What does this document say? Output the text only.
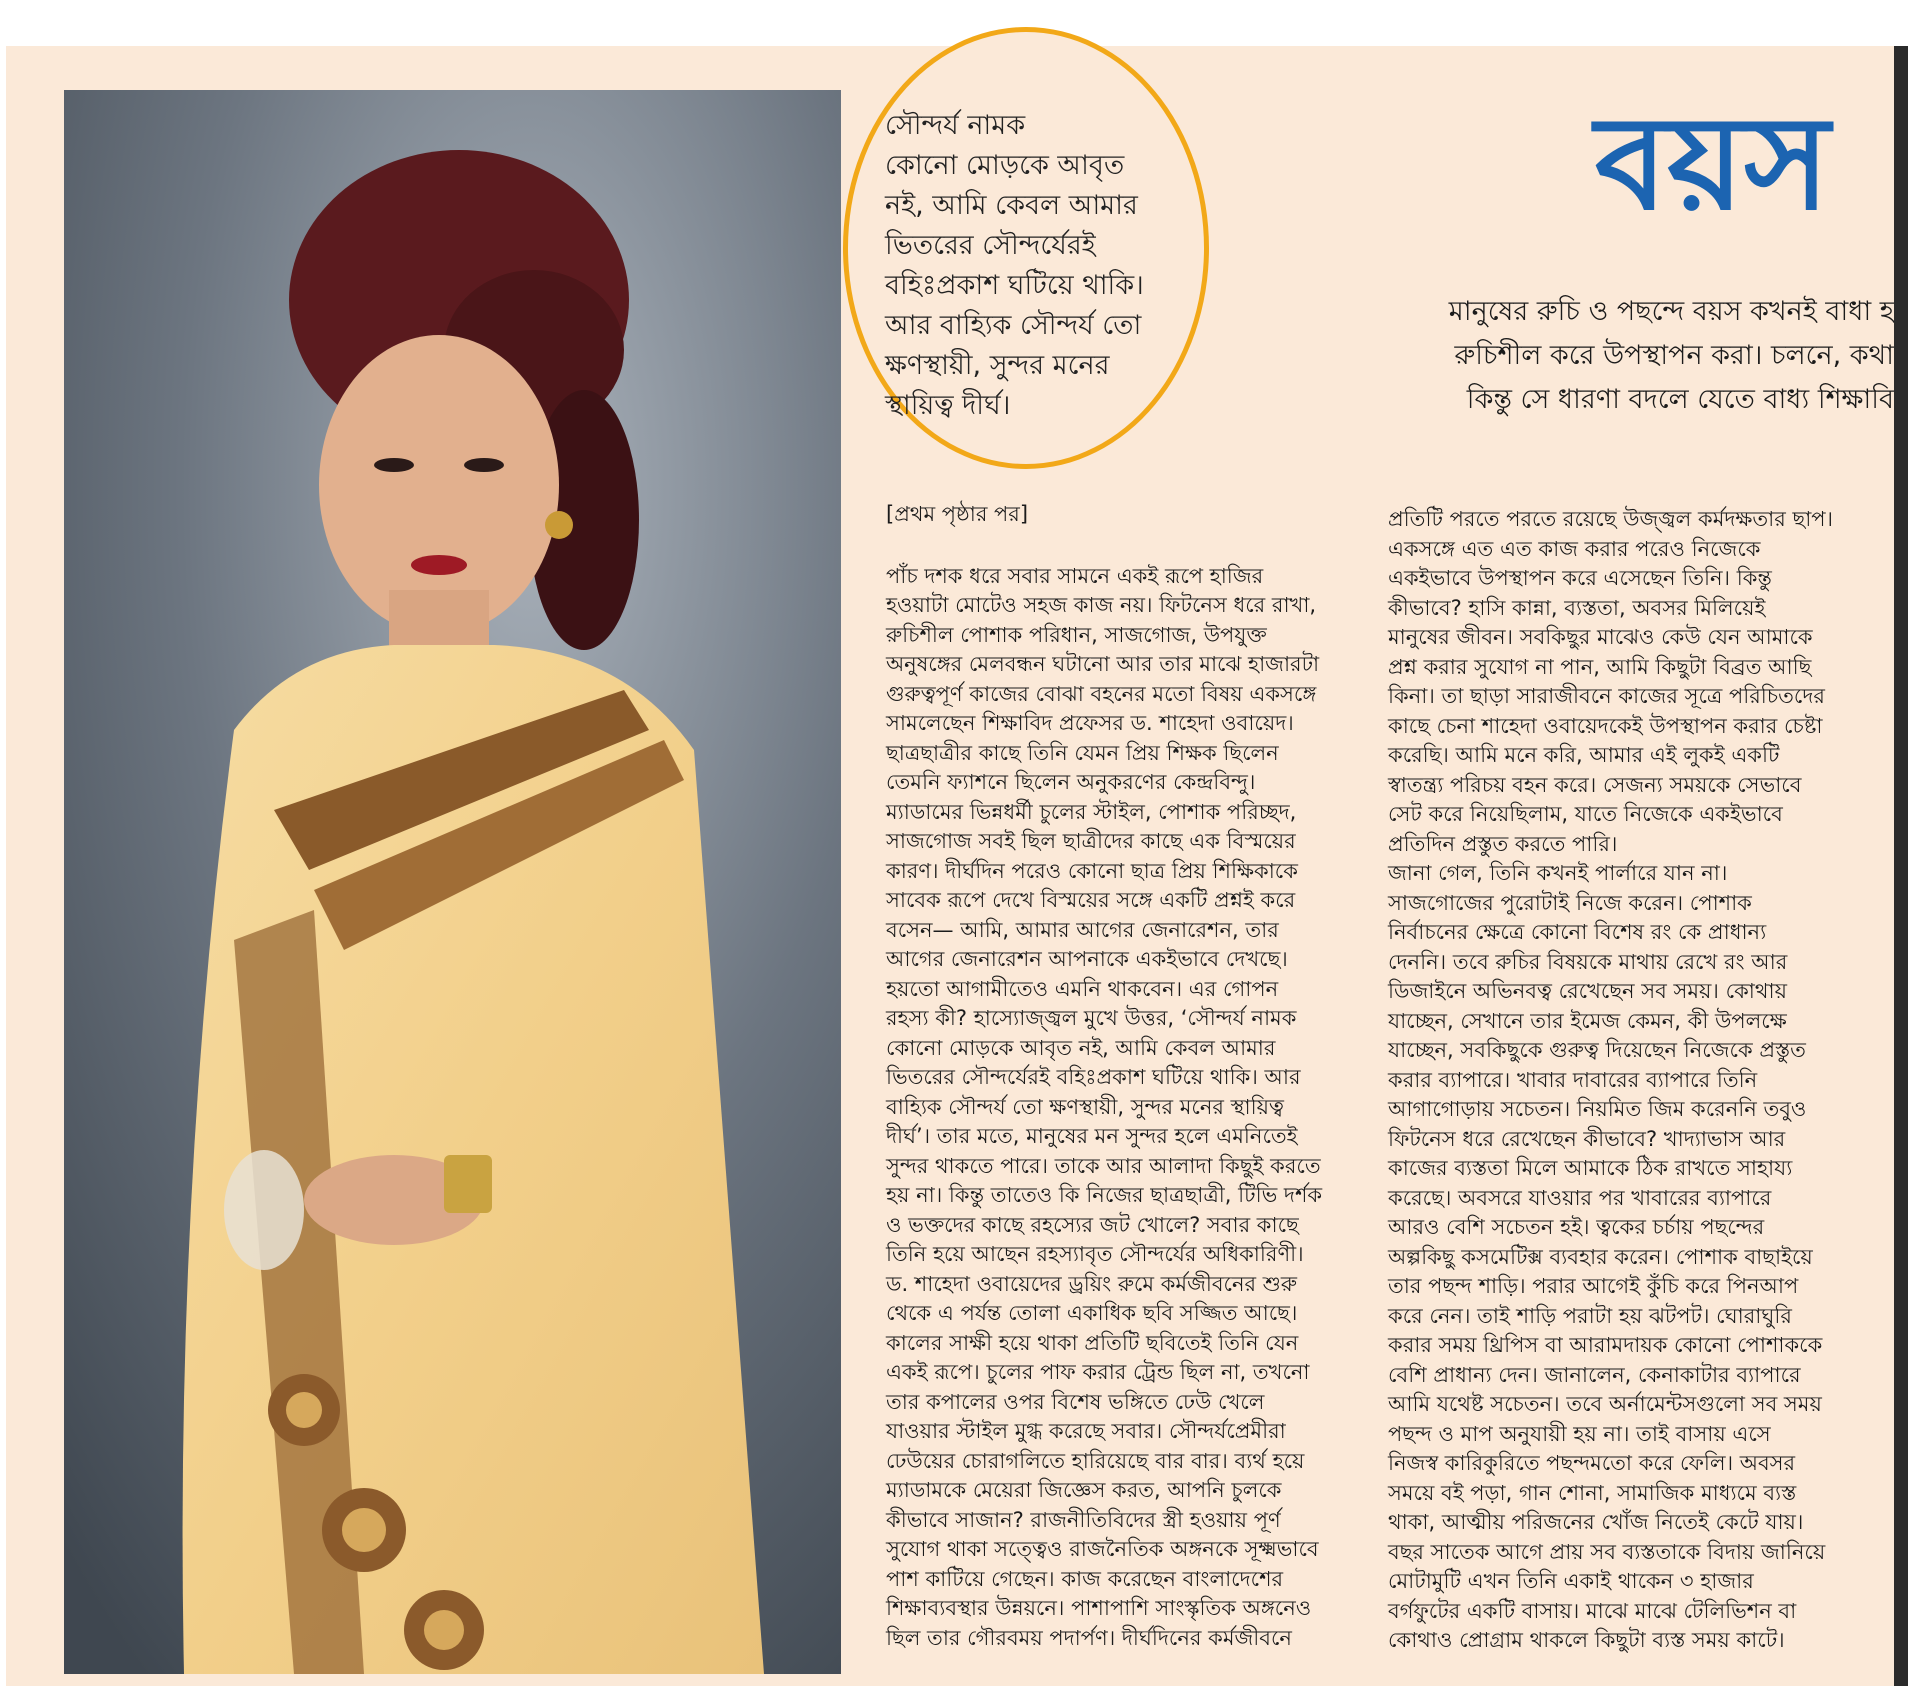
সৌন্দর্য নামক
কোনো মোড়কে আবৃত
নই, আমি কেবল আমার
ভিতরের সৌন্দর্যেরই
বহিঃপ্রকাশ ঘটিয়ে থাকি।
আর বাহ্যিক সৌন্দর্য তো
ক্ষণস্থায়ী, সুন্দর মনের
স্থায়িত্ব দীর্ঘ।
বয়স

মানুষের রুচি ও পছন্দে বয়স কখনই বাধা হ

রুচিশীল করে উপস্থাপন করা। চলনে, কথা

কিন্তু সে ধারণা বদলে যেতে বাধ্য শিক্ষাবি

[প্রথম পৃষ্ঠার পর]

পাঁচ দশক ধরে সবার সামনে একই রূপে হাজির

হওয়াটা মোটেও সহজ কাজ নয়। ফিটনেস ধরে রাখা,

রুচিশীল পোশাক পরিধান, সাজগোজ, উপযুক্ত

অনুষঙ্গের মেলবন্ধন ঘটানো আর তার মাঝে হাজারটা

গুরুত্বপূর্ণ কাজের বোঝা বহনের মতো বিষয় একসঙ্গে

সামলেছেন শিক্ষাবিদ প্রফেসর ড. শাহেদা ওবায়েদ।

ছাত্রছাত্রীর কাছে তিনি যেমন প্রিয় শিক্ষক ছিলেন

তেমনি ফ্যাশনে ছিলেন অনুকরণের কেন্দ্রবিন্দু।

ম্যাডামের ভিন্নধর্মী চুলের স্টাইল, পোশাক পরিচ্ছদ,

সাজগোজ সবই ছিল ছাত্রীদের কাছে এক বিস্ময়ের

কারণ। দীর্ঘদিন পরেও কোনো ছাত্র প্রিয় শিক্ষিকাকে

সাবেক রূপে দেখে বিস্ময়ের সঙ্গে একটি প্রশ্নই করে

বসেন— আমি, আমার আগের জেনারেশন, তার

আগের জেনারেশন আপনাকে একইভাবে দেখছে।

হয়তো আগামীতেও এমনি থাকবেন। এর গোপন

রহস্য কী? হাস্যোজ্জ্বল মুখে উত্তর, ‘সৌন্দর্য নামক

কোনো মোড়কে আবৃত নই, আমি কেবল আমার

ভিতরের সৌন্দর্যেরই বহিঃপ্রকাশ ঘটিয়ে থাকি। আর

বাহ্যিক সৌন্দর্য তো ক্ষণস্থায়ী, সুন্দর মনের স্থায়িত্ব

দীর্ঘ’। তার মতে, মানুষের মন সুন্দর হলে এমনিতেই

সুন্দর থাকতে পারে। তাকে আর আলাদা কিছুই করতে

হয় না। কিন্তু তাতেও কি নিজের ছাত্রছাত্রী, টিভি দর্শক

ও ভক্তদের কাছে রহস্যের জট খোলে? সবার কাছে

তিনি হয়ে আছেন রহস্যাবৃত সৌন্দর্যের অধিকারিণী।

ড. শাহেদা ওবায়েদের ড্রয়িং রুমে কর্মজীবনের শুরু

থেকে এ পর্যন্ত তোলা একাধিক ছবি সজ্জিত আছে।

কালের সাক্ষী হয়ে থাকা প্রতিটি ছবিতেই তিনি যেন

একই রূপে। চুলের পাফ করার ট্রেন্ড ছিল না, তখনো

তার কপালের ওপর বিশেষ ভঙ্গিতে ঢেউ খেলে

যাওয়ার স্টাইল মুগ্ধ করেছে সবার। সৌন্দর্যপ্রেমীরা

ঢেউয়ের চোরাগলিতে হারিয়েছে বার বার। ব্যর্থ হয়ে

ম্যাডামকে মেয়েরা জিজ্ঞেস করত, আপনি চুলকে

কীভাবে সাজান? রাজনীতিবিদের স্ত্রী হওয়ায় পূর্ণ

সুযোগ থাকা সত্ত্বেও রাজনৈতিক অঙ্গনকে সূক্ষ্মভাবে

পাশ কাটিয়ে গেছেন। কাজ করেছেন বাংলাদেশের

শিক্ষাব্যবস্থার উন্নয়নে। পাশাপাশি সাংস্কৃতিক অঙ্গনেও

ছিল তার গৌরবময় পদার্পণ। দীর্ঘদিনের কর্মজীবনে

প্রতিটি পরতে পরতে রয়েছে উজ্জ্বল কর্মদক্ষতার ছাপ।

একসঙ্গে এত এত কাজ করার পরেও নিজেকে

একইভাবে উপস্থাপন করে এসেছেন তিনি। কিন্তু

কীভাবে? হাসি কান্না, ব্যস্ততা, অবসর মিলিয়েই

মানুষের জীবন। সবকিছুর মাঝেও কেউ যেন আমাকে

প্রশ্ন করার সুযোগ না পান, আমি কিছুটা বিব্রত আছি

কিনা। তা ছাড়া সারাজীবনে কাজের সূত্রে পরিচিতদের

কাছে চেনা শাহেদা ওবায়েদকেই উপস্থাপন করার চেষ্টা

করেছি। আমি মনে করি, আমার এই লুকই একটি

স্বাতন্ত্র্য পরিচয় বহন করে। সেজন্য সময়কে সেভাবে

সেট করে নিয়েছিলাম, যাতে নিজেকে একইভাবে

প্রতিদিন প্রস্তুত করতে পারি।

জানা গেল, তিনি কখনই পার্লারে যান না।

সাজগোজের পুরোটাই নিজে করেন। পোশাক

নির্বাচনের ক্ষেত্রে কোনো বিশেষ রং কে প্রাধান্য

দেননি। তবে রুচির বিষয়কে মাথায় রেখে রং আর

ডিজাইনে অভিনবত্ব রেখেছেন সব সময়। কোথায়

যাচ্ছেন, সেখানে তার ইমেজ কেমন, কী উপলক্ষে

যাচ্ছেন, সবকিছুকে গুরুত্ব দিয়েছেন নিজেকে প্রস্তুত

করার ব্যাপারে। খাবার দাবারের ব্যাপারে তিনি

আগাগোড়ায় সচেতন। নিয়মিত জিম করেননি তবুও

ফিটনেস ধরে রেখেছেন কীভাবে? খাদ্যাভাস আর

কাজের ব্যস্ততা মিলে আমাকে ঠিক রাখতে সাহায্য

করেছে। অবসরে যাওয়ার পর খাবারের ব্যাপারে

আরও বেশি সচেতন হই। ত্বকের চর্চায় পছন্দের

অল্পকিছু কসমেটিক্স ব্যবহার করেন। পোশাক বাছাইয়ে

তার পছন্দ শাড়ি। পরার আগেই কুঁচি করে পিনআপ

করে নেন। তাই শাড়ি পরাটা হয় ঝটপট। ঘোরাঘুরি

করার সময় থ্রিপিস বা আরামদায়ক কোনো পোশাককে

বেশি প্রাধান্য দেন। জানালেন, কেনাকাটার ব্যাপারে

আমি যথেষ্ট সচেতন। তবে অর্নামেন্টসগুলো সব সময়

পছন্দ ও মাপ অনুযায়ী হয় না। তাই বাসায় এসে

নিজস্ব কারিকুরিতে পছন্দমতো করে ফেলি। অবসর

সময়ে বই পড়া, গান শোনা, সামাজিক মাধ্যমে ব্যস্ত

থাকা, আত্মীয় পরিজনের খোঁজ নিতেই কেটে যায়।

বছর সাতেক আগে প্রায় সব ব্যস্ততাকে বিদায় জানিয়ে

মোটামুটি এখন তিনি একাই থাকেন ৩ হাজার

বর্গফুটের একটি বাসায়। মাঝে মাঝে টেলিভিশন বা

কোথাও প্রোগ্রাম থাকলে কিছুটা ব্যস্ত সময় কাটে।
